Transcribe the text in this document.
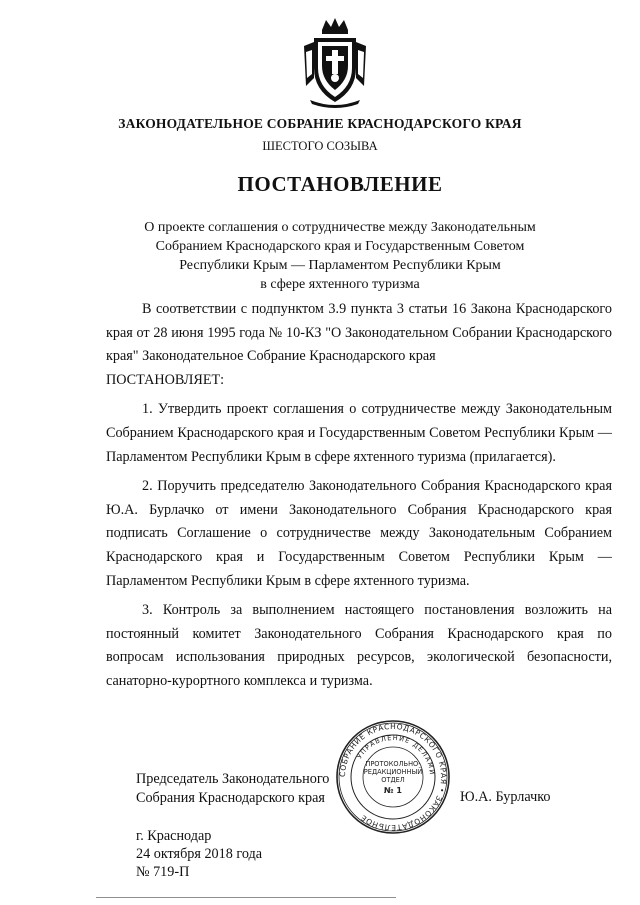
ЗАКОНОДАТЕЛЬНОЕ СОБРАНИЕ КРАСНОДАРСКОГО КРАЯ
ШЕСТОГО СОЗЫВА
ПОСТАНОВЛЕНИЕ
О проекте соглашения о сотрудничестве между Законодательным
Собранием Краснодарского края и Государственным Советом
Республики Крым — Парламентом Республики Крым
в сфере яхтенного туризма

В соответствии с подпунктом 3.9 пункта 3 статьи 16 Закона Краснодарского края от 28 июня 1995 года № 10-КЗ "О Законодательном Собрании Краснодарского края" Законодательное Собрание Краснодарского края

ПОСТАНОВЛЯЕТ:

1. Утвердить проект соглашения о сотрудничестве между Законодательным Собранием Краснодарского края и Государственным Советом Республики Крым — Парламентом Республики Крым в сфере яхтенного туризма (прилагается).

2. Поручить председателю Законодательного Собрания Краснодарского края Ю.А. Бурлачко от имени Законодательного Собрания Краснодарского края подписать Соглашение о сотрудничестве между Законодательным Собранием Краснодарского края и Государственным Советом Республики Крым — Парламентом Республики Крым в сфере яхтенного туризма.

3. Контроль за выполнением настоящего постановления возложить на постоянный комитет Законодательного Собрания Краснодарского края по вопросам использования природных ресурсов, экологической безопасности, санаторно-курортного комплекса и туризма.

СОБРАНИЕ КРАСНОДАРСКОГО КРАЯ • ЗАКОНОДАТЕЛЬНОЕ
УПРАВЛЕНИЕ ДЕЛАМИ
ПРОТОКОЛЬНО-
РЕДАКЦИОННЫЙ
ОТДЕЛ
№ 1
Председатель Законодательного
Собрания Краснодарского края	Ю.А. Бурлачко
г. Краснодар
24 октября 2018 года
№ 719-П
